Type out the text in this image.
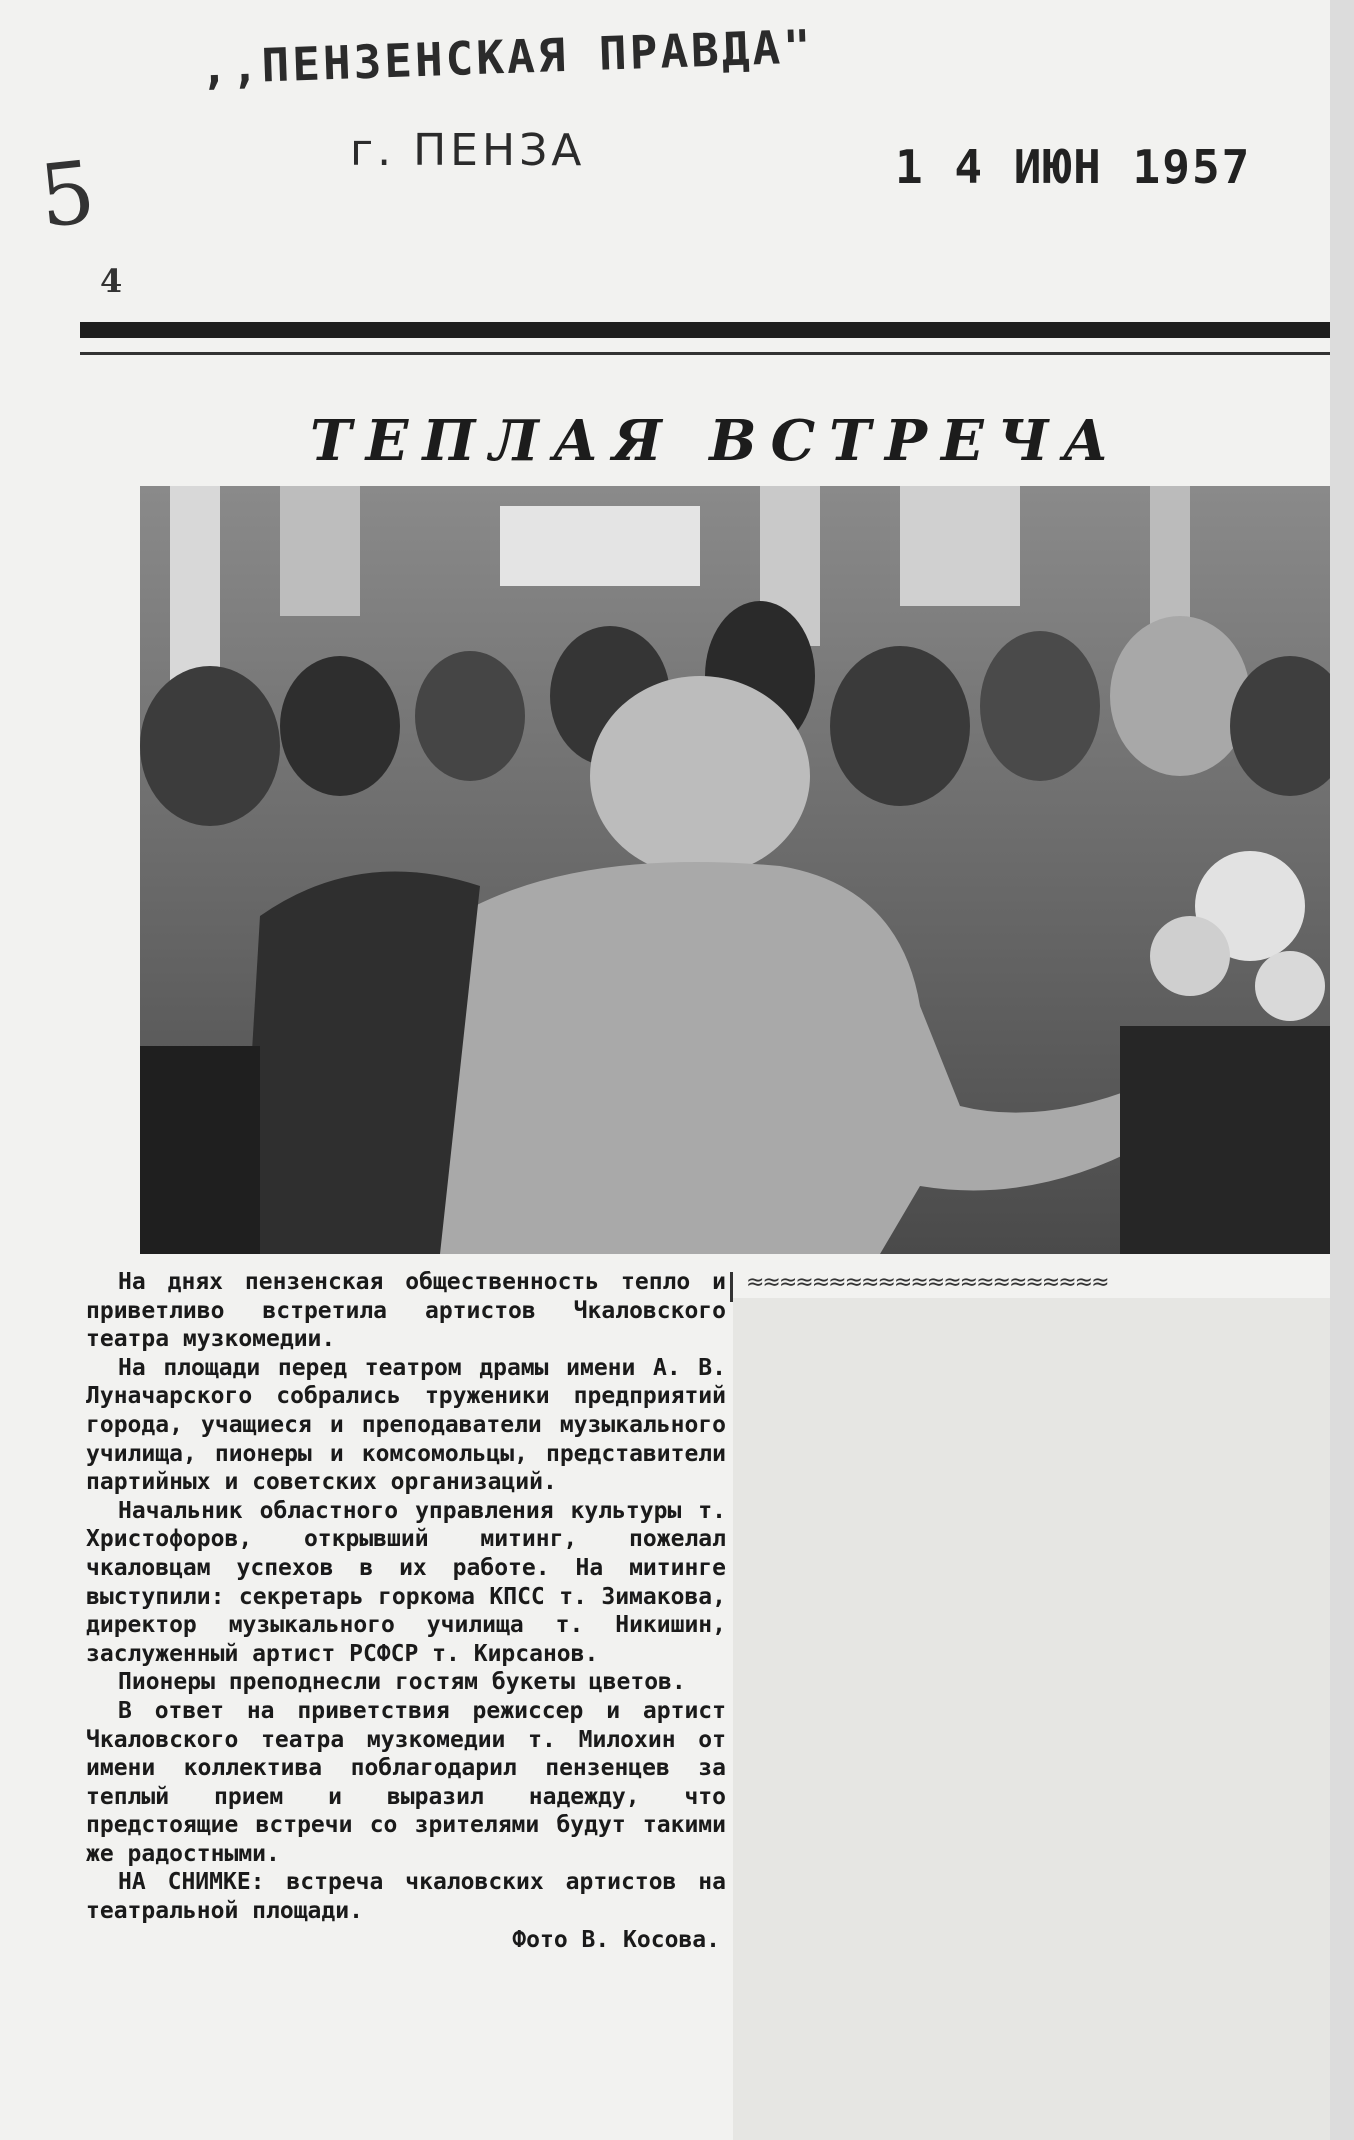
,,ПЕНЗЕНСКАЯ ПРАВДА"
г. ПЕНЗА	1 4 ИЮН 1957
5
4
ТЕПЛАЯ ВСТРЕЧА

На днях пензенская общественность тепло и приветливо встретила артистов Чкаловского театра музкомедии.

На площади перед театром драмы имени А. В. Луначарского собрались труженики предприятий города, учащиеся и преподаватели музыкального училища, пионеры и комсомольцы, представители партийных и советских организаций.

Начальник областного управления культуры т. Христофоров, открывший митинг, пожелал чкаловцам успехов в их работе. На митинге выступили: секретарь горкома КПСС т. Зимакова, директор музыкального училища т. Никишин, заслуженный артист РСФСР т. Кирсанов.

Пионеры преподнесли гостям букеты цветов.

В ответ на приветствия режиссер и артист Чкаловского театра музкомедии т. Милохин от имени коллектива поблагодарил пензенцев за теплый прием и выразил надежду, что предстоящие встречи со зрителями будут такими же радостными.

НА СНИМКЕ: встреча чкаловских артистов на театральной площади.

Фото В. Косова.

≈≈≈≈≈≈≈≈≈≈≈≈≈≈≈≈≈≈≈≈≈≈
